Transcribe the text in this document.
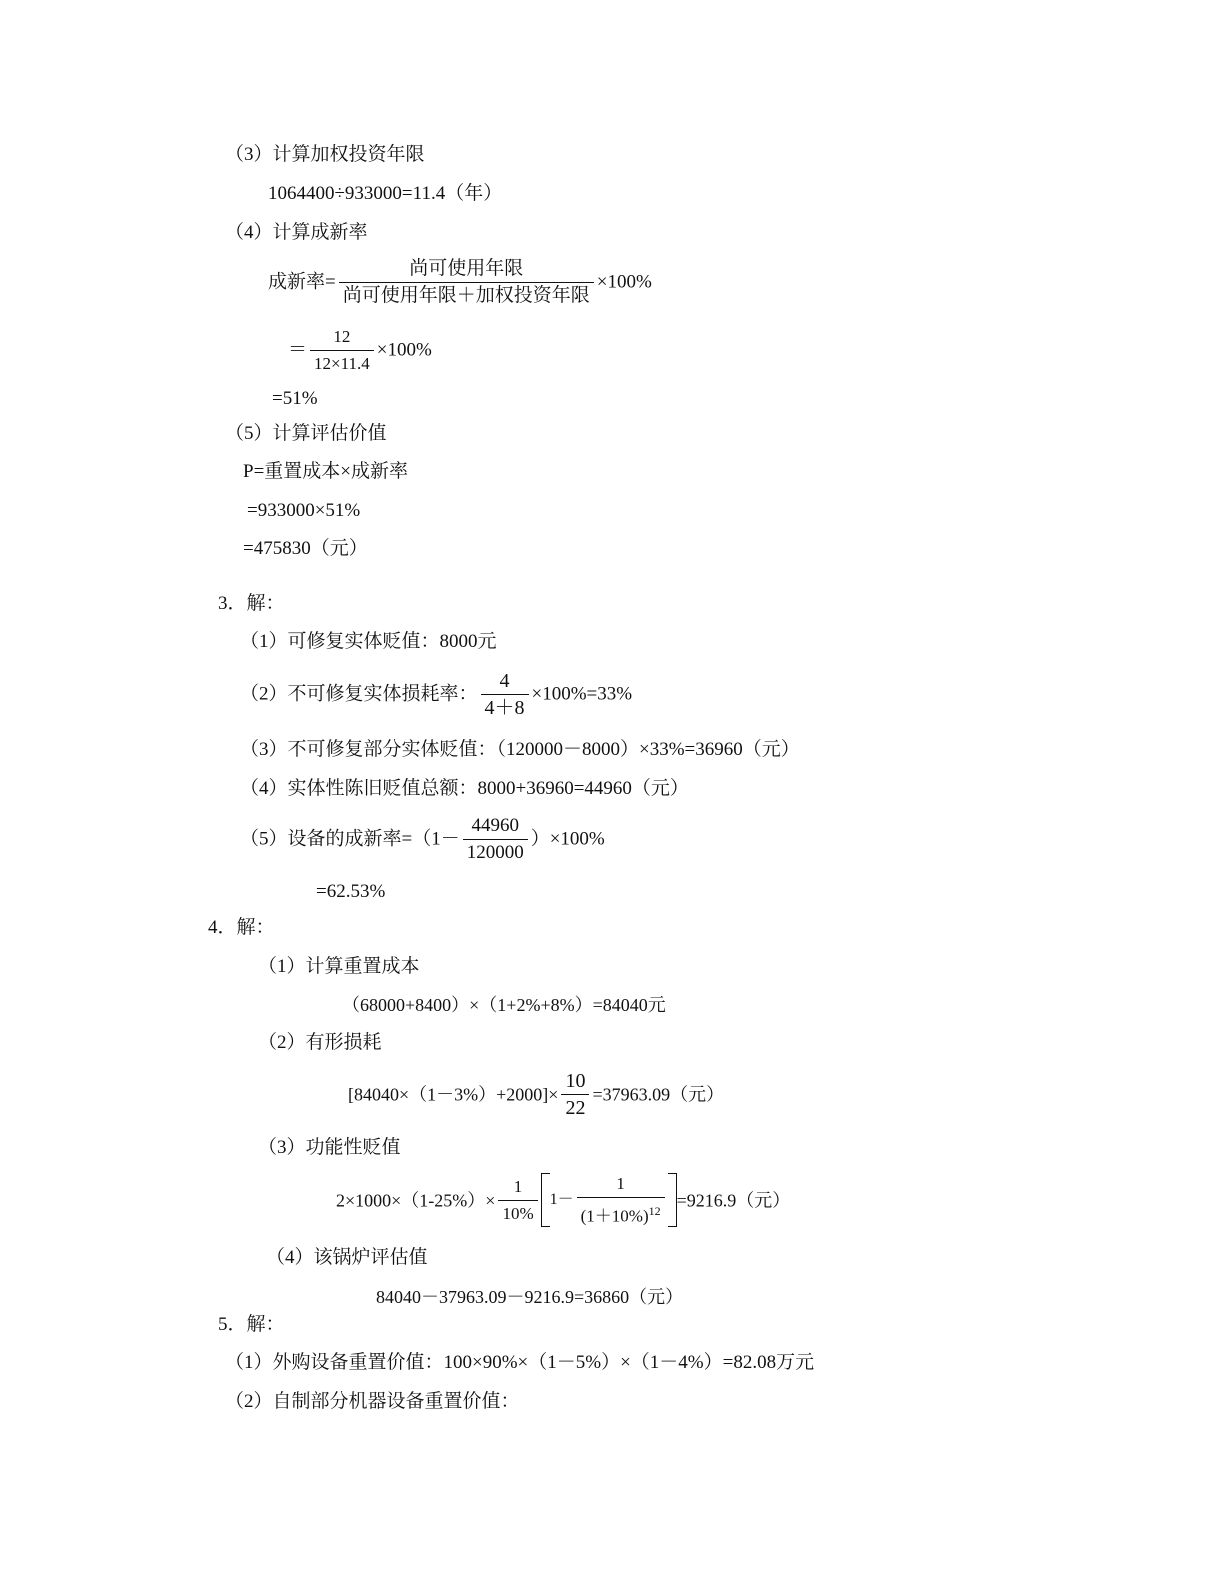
（3）计算加权投资年限
1064400÷933000=11.4（年）
（4）计算成新率
成新率= $\frac{\text{尚可使用年限}}{\text{尚可使用年限＋加权投资年限}} \times 100\%$
＝ $\frac{12}{12\times 11.4} \times 100\%$
=51%
（5）计算评估价值
P=重置成本×成新率
=933000×51%
=475830（元）
3．解：
（1）可修复实体贬值：8000元
（2）不可修复实体损耗率： $\frac{4}{4+8} \times 100\%=33\%$
（3）不可修复部分实体贬值：（120000－8000）×33%=36960（元）
（4）实体性陈旧贬值总额：8000+36960=44960（元）
（5）设备的成新率$=(1- \frac{44960}{120000} )\times 100\%$
=62.53%
4．解：
（1）计算重置成本
（68000+8400）×（1+2%+8%）=84040元
（2）有形损耗
$[84040\times(1-3\%)+2000]\times \frac{10}{22} =37963.09$（元）
（3）功能性贬值
$2\times 1000\times(1-25\%)\times \frac{1}{10\%} 1- \frac{1}{(1+10\%)^{12}} =9216.9$（元）
（4）该锅炉评估值
84040－37963.09－9216.9=36860（元）
5．解：
（1）外购设备重置价值：100×90%×（1－5%）×（1－4%）=82.08万元
（2）自制部分机器设备重置价值：
